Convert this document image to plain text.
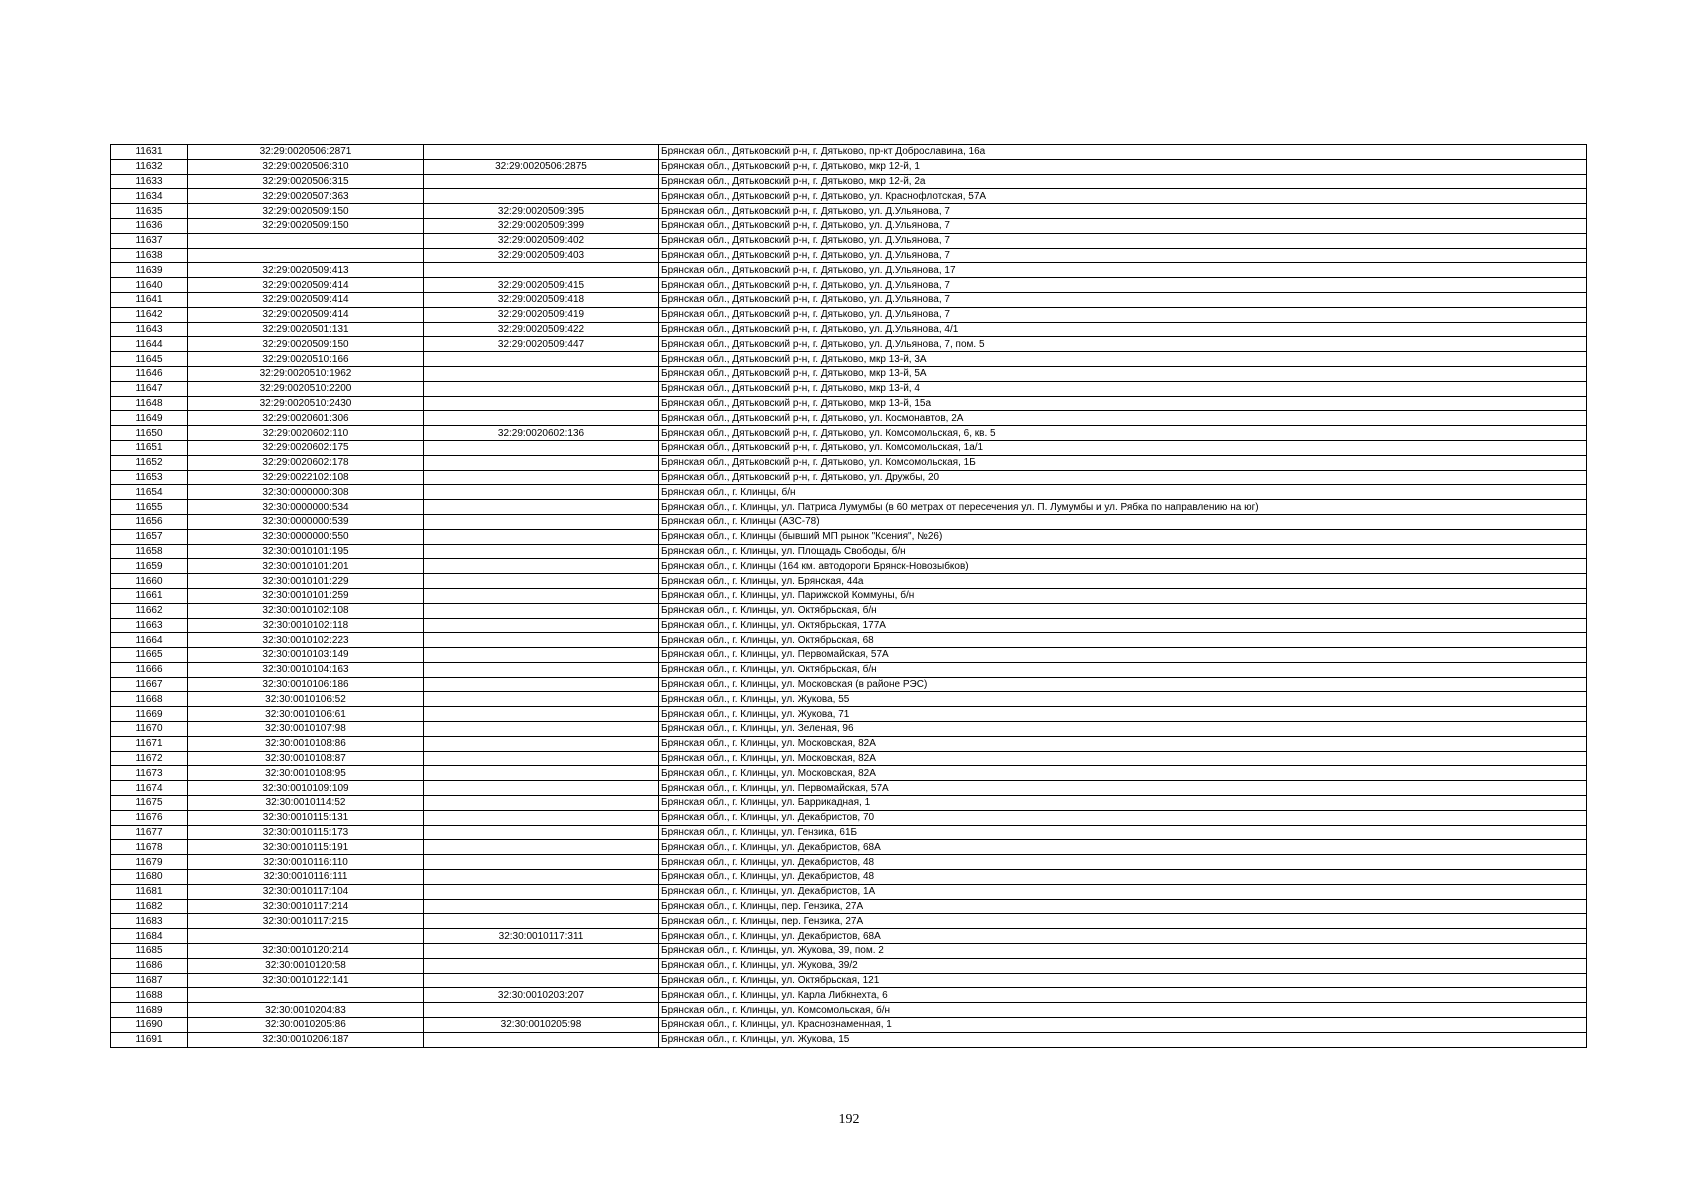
11631	32:29:0020506:2871		Брянская обл., Дятьковский р-н, г. Дятьково, пр-кт Доброславина, 16а
11632	32:29:0020506:310	32:29:0020506:2875	Брянская обл., Дятьковский р-н, г. Дятьково, мкр 12-й, 1
11633	32:29:0020506:315		Брянская обл., Дятьковский р-н, г. Дятьково, мкр 12-й, 2а
11634	32:29:0020507:363		Брянская обл., Дятьковский р-н, г. Дятьково, ул. Краснофлотская, 57А
11635	32:29:0020509:150	32:29:0020509:395	Брянская обл., Дятьковский р-н, г. Дятьково, ул. Д.Ульянова, 7
11636	32:29:0020509:150	32:29:0020509:399	Брянская обл., Дятьковский р-н, г. Дятьково, ул. Д.Ульянова, 7
11637		32:29:0020509:402	Брянская обл., Дятьковский р-н, г. Дятьково, ул. Д.Ульянова, 7
11638		32:29:0020509:403	Брянская обл., Дятьковский р-н, г. Дятьково, ул. Д.Ульянова, 7
11639	32:29:0020509:413		Брянская обл., Дятьковский р-н, г. Дятьково, ул. Д.Ульянова, 17
11640	32:29:0020509:414	32:29:0020509:415	Брянская обл., Дятьковский р-н, г. Дятьково, ул. Д.Ульянова, 7
11641	32:29:0020509:414	32:29:0020509:418	Брянская обл., Дятьковский р-н, г. Дятьково, ул. Д.Ульянова, 7
11642	32:29:0020509:414	32:29:0020509:419	Брянская обл., Дятьковский р-н, г. Дятьково, ул. Д.Ульянова, 7
11643	32:29:0020501:131	32:29:0020509:422	Брянская обл., Дятьковский р-н, г. Дятьково, ул. Д.Ульянова, 4/1
11644	32:29:0020509:150	32:29:0020509:447	Брянская обл., Дятьковский р-н, г. Дятьково, ул. Д.Ульянова, 7, пом. 5
11645	32:29:0020510:166		Брянская обл., Дятьковский р-н, г. Дятьково, мкр 13-й, 3А
11646	32:29:0020510:1962		Брянская обл., Дятьковский р-н, г. Дятьково, мкр 13-й, 5А
11647	32:29:0020510:2200		Брянская обл., Дятьковский р-н, г. Дятьково, мкр 13-й, 4
11648	32:29:0020510:2430		Брянская обл., Дятьковский р-н, г. Дятьково, мкр 13-й, 15а
11649	32:29:0020601:306		Брянская обл., Дятьковский р-н, г. Дятьково, ул. Космонавтов, 2А
11650	32:29:0020602:110	32:29:0020602:136	Брянская обл., Дятьковский р-н, г. Дятьково, ул. Комсомольская, 6, кв. 5
11651	32:29:0020602:175		Брянская обл., Дятьковский р-н, г. Дятьково, ул. Комсомольская, 1а/1
11652	32:29:0020602:178		Брянская обл., Дятьковский р-н, г. Дятьково, ул. Комсомольская, 1Б
11653	32:29:0022102:108		Брянская обл., Дятьковский р-н, г. Дятьково, ул. Дружбы, 20
11654	32:30:0000000:308		Брянская обл., г. Клинцы, б/н
11655	32:30:0000000:534		Брянская обл., г. Клинцы, ул. Патриса Лумумбы (в 60 метрах от пересечения ул. П. Лумумбы и ул. Рябка по направлению на юг)
11656	32:30:0000000:539		Брянская обл., г. Клинцы (АЗС-78)
11657	32:30:0000000:550		Брянская обл., г. Клинцы (бывший МП рынок "Ксения", №26)
11658	32:30:0010101:195		Брянская обл., г. Клинцы, ул. Площадь Свободы, б/н
11659	32:30:0010101:201		Брянская обл., г. Клинцы (164 км. автодороги Брянск-Новозыбков)
11660	32:30:0010101:229		Брянская обл., г. Клинцы, ул. Брянская, 44а
11661	32:30:0010101:259		Брянская обл., г. Клинцы, ул. Парижской Коммуны, б/н
11662	32:30:0010102:108		Брянская обл., г. Клинцы, ул. Октябрьская, б/н
11663	32:30:0010102:118		Брянская обл., г. Клинцы, ул. Октябрьская, 177А
11664	32:30:0010102:223		Брянская обл., г. Клинцы, ул. Октябрьская, 68
11665	32:30:0010103:149		Брянская обл., г. Клинцы, ул. Первомайская, 57А
11666	32:30:0010104:163		Брянская обл., г. Клинцы, ул. Октябрьская, б/н
11667	32:30:0010106:186		Брянская обл., г. Клинцы, ул. Московская (в районе РЭС)
11668	32:30:0010106:52		Брянская обл., г. Клинцы, ул. Жукова, 55
11669	32:30:0010106:61		Брянская обл., г. Клинцы, ул. Жукова, 71
11670	32:30:0010107:98		Брянская обл., г. Клинцы, ул. Зеленая, 96
11671	32:30:0010108:86		Брянская обл., г. Клинцы, ул. Московская, 82А
11672	32:30:0010108:87		Брянская обл., г. Клинцы, ул. Московская, 82А
11673	32:30:0010108:95		Брянская обл., г. Клинцы, ул. Московская, 82А
11674	32:30:0010109:109		Брянская обл., г. Клинцы, ул. Первомайская, 57А
11675	32:30:0010114:52		Брянская обл., г. Клинцы, ул. Баррикадная, 1
11676	32:30:0010115:131		Брянская обл., г. Клинцы, ул. Декабристов, 70
11677	32:30:0010115:173		Брянская обл., г. Клинцы, ул. Гензика, 61Б
11678	32:30:0010115:191		Брянская обл., г. Клинцы, ул. Декабристов, 68А
11679	32:30:0010116:110		Брянская обл., г. Клинцы, ул. Декабристов, 48
11680	32:30:0010116:111		Брянская обл., г. Клинцы, ул. Декабристов, 48
11681	32:30:0010117:104		Брянская обл., г. Клинцы, ул. Декабристов, 1А
11682	32:30:0010117:214		Брянская обл., г. Клинцы, пер. Гензика, 27А
11683	32:30:0010117:215		Брянская обл., г. Клинцы, пер. Гензика, 27А
11684		32:30:0010117:311	Брянская обл., г. Клинцы, ул. Декабристов, 68А
11685	32:30:0010120:214		Брянская обл., г. Клинцы, ул. Жукова, 39, пом. 2
11686	32:30:0010120:58		Брянская обл., г. Клинцы, ул. Жукова, 39/2
11687	32:30:0010122:141		Брянская обл., г. Клинцы, ул. Октябрьская, 121
11688		32:30:0010203:207	Брянская обл., г. Клинцы, ул. Карла Либкнехта, 6
11689	32:30:0010204:83		Брянская обл., г. Клинцы, ул. Комсомольская, б/н
11690	32:30:0010205:86	32:30:0010205:98	Брянская обл., г. Клинцы, ул. Краснознаменная, 1
11691	32:30:0010206:187		Брянская обл., г. Клинцы, ул. Жукова, 15
192
